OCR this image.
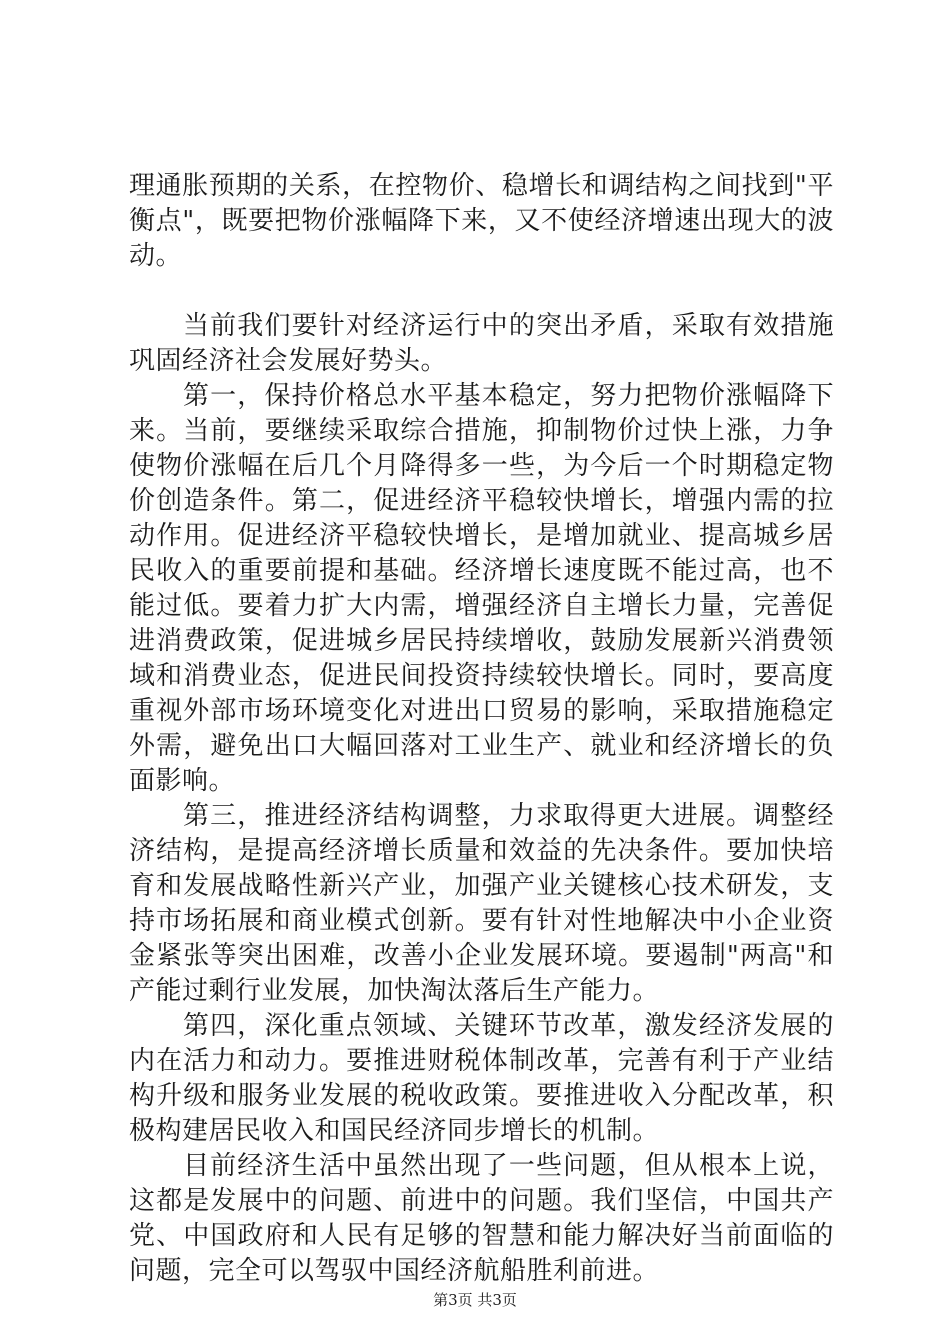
理通胀预期的关系，在控物价、稳增长和调结构之间找到"平衡点"，既要把物价涨幅降下来，又不使经济增速出现大的波动。

当前我们要针对经济运行中的突出矛盾，采取有效措施巩固经济社会发展好势头。

第一，保持价格总水平基本稳定，努力把物价涨幅降下来。当前，要继续采取综合措施，抑制物价过快上涨，力争使物价涨幅在后几个月降得多一些，为今后一个时期稳定物价创造条件。第二，促进经济平稳较快增长，增强内需的拉动作用。促进经济平稳较快增长，是增加就业、提高城乡居民收入的重要前提和基础。经济增长速度既不能过高，也不能过低。要着力扩大内需，增强经济自主增长力量，完善促进消费政策，促进城乡居民持续增收，鼓励发展新兴消费领域和消费业态，促进民间投资持续较快增长。同时，要高度重视外部市场环境变化对进出口贸易的影响，采取措施稳定外需，避免出口大幅回落对工业生产、就业和经济增长的负面影响。

第三，推进经济结构调整，力求取得更大进展。调整经济结构，是提高经济增长质量和效益的先决条件。要加快培育和发展战略性新兴产业，加强产业关键核心技术研发，支持市场拓展和商业模式创新。要有针对性地解决中小企业资金紧张等突出困难，改善小企业发展环境。要遏制"两高"和产能过剩行业发展，加快淘汰落后生产能力。

第四，深化重点领域、关键环节改革，激发经济发展的内在活力和动力。要推进财税体制改革，完善有利于产业结构升级和服务业发展的税收政策。要推进收入分配改革，积极构建居民收入和国民经济同步增长的机制。

目前经济生活中虽然出现了一些问题，但从根本上说，这都是发展中的问题、前进中的问题。我们坚信，中国共产党、中国政府和人民有足够的智慧和能力解决好当前面临的问题，完全可以驾驭中国经济航船胜利前进。

第3页 共3页
